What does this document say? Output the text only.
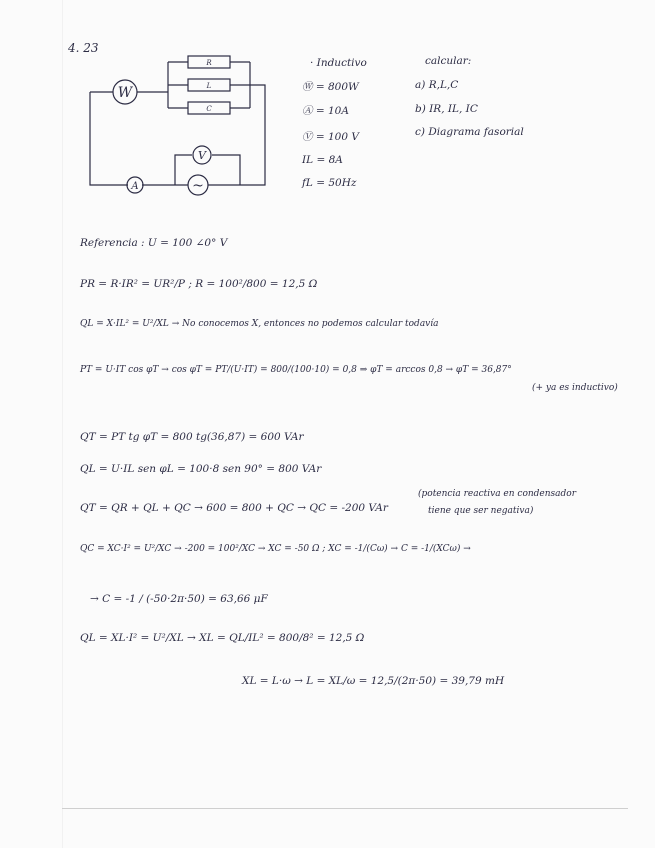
4. 23
W
A
V
~
R
L
C
· Inductivo
Ⓦ = 800W
Ⓐ = 10A
Ⓥ = 100 V
IL = 8A
fL = 50Hz
calcular:
a) R,L,C
b) IR, IL, IC
c) Diagrama fasorial
Referencia : U = 100 ∠0° V
PR = R·IR² = UR²/P ; R = 100²/800 = 12,5 Ω
QL = X·IL² = U²/XL → No conocemos X, entonces no podemos calcular todavía
PT = U·IT cos φT → cos φT = PT/(U·IT) = 800/(100·10) = 0,8 ⇒ φT = arccos 0,8 → φT = 36,87°
(+ ya es inductivo)
QT = PT tg φT = 800 tg(36,87) = 600 VAr
QL = U·IL sen φL = 100·8 sen 90° = 800 VAr
QT = QR + QL + QC → 600 = 800 + QC → QC = -200 VAr
(potencia reactiva en condensador
tiene que ser negativa)
QC = XC·I² = U²/XC → -200 = 100²/XC → XC = -50 Ω ; XC = -1/(Cω) → C = -1/(XCω) →
→ C = -1 / (-50·2π·50) = 63,66 μF
QL = XL·I² = U²/XL → XL = QL/IL² = 800/8² = 12,5 Ω
XL = L·ω → L = XL/ω = 12,5/(2π·50) = 39,79 mH
